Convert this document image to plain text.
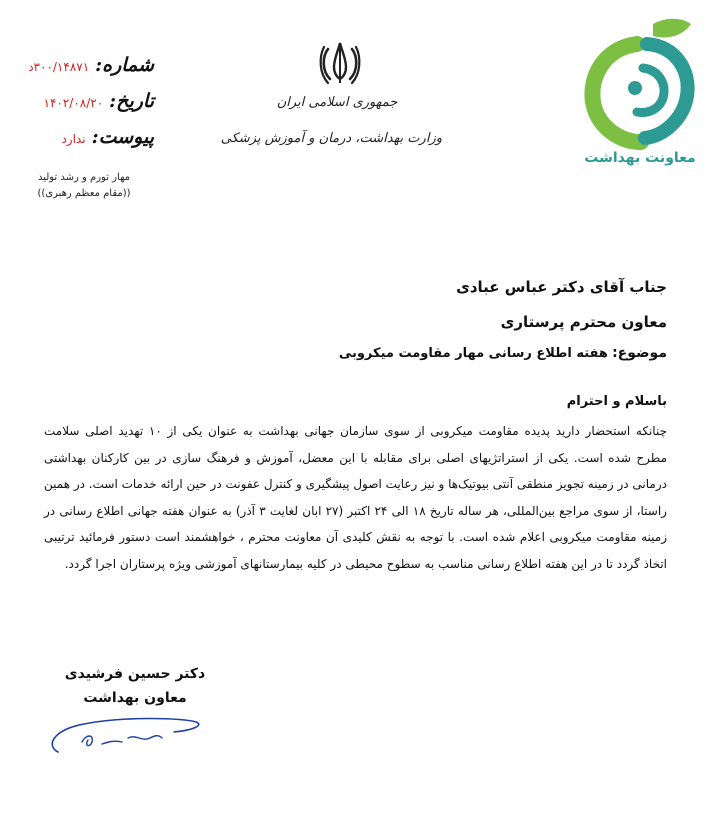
معاونت بهداشت
جمهوری اسلامی ایران
وزارت بهداشت، درمان و آموزش پزشکی
شماره:
۳۰۰/۱۴۸۷۱د
تاریخ:
۱۴۰۲/۰۸/۲۰
پیوست:
ندارد
مهار تورم و رشد تولید
((مقام معظم رهبری))
جناب آقای دکتر عباس عبادی
معاون محترم پرستاری
موضوع: هفته اطلاع رسانی مهار مقاومت میکروبی
باسلام و احترام
چنانکه استحضار دارید پدیده مقاومت میکروبی از سوی سازمان جهانی بهداشت به عنوان یکی از ۱۰ تهدید اصلی سلامت مطرح شده است. یکی از استراتژیهای اصلی برای مقابله با این معضل، آموزش و فرهنگ سازی در بین کارکنان بهداشتی درمانی در زمینه تجویز منطقی آنتی بیوتیک‌ها و نیز رعایت اصول پیشگیری و کنترل عفونت در حین ارائه خدمات است. در همین راستا، از سوی مراجع بین‌المللی، هر ساله تاریخ ۱۸ الی ۲۴ اکتبر (۲۷ ابان لغایت ۳ آذر) به عنوان هفته جهانی اطلاع رسانی در زمینه مقاومت میکروبی اعلام شده است. با توجه به نقش کلیدی آن معاونت محترم ، خواهشمند است دستور فرمائید ترتیبی اتخاذ گردد تا در این هفته اطلاع رسانی مناسب به سطوح محیطی در کلیه بیمارستانهای آموزشی ویژه پرستاران اجرا گردد.
دکتر حسین فرشیدی
معاون بهداشت
